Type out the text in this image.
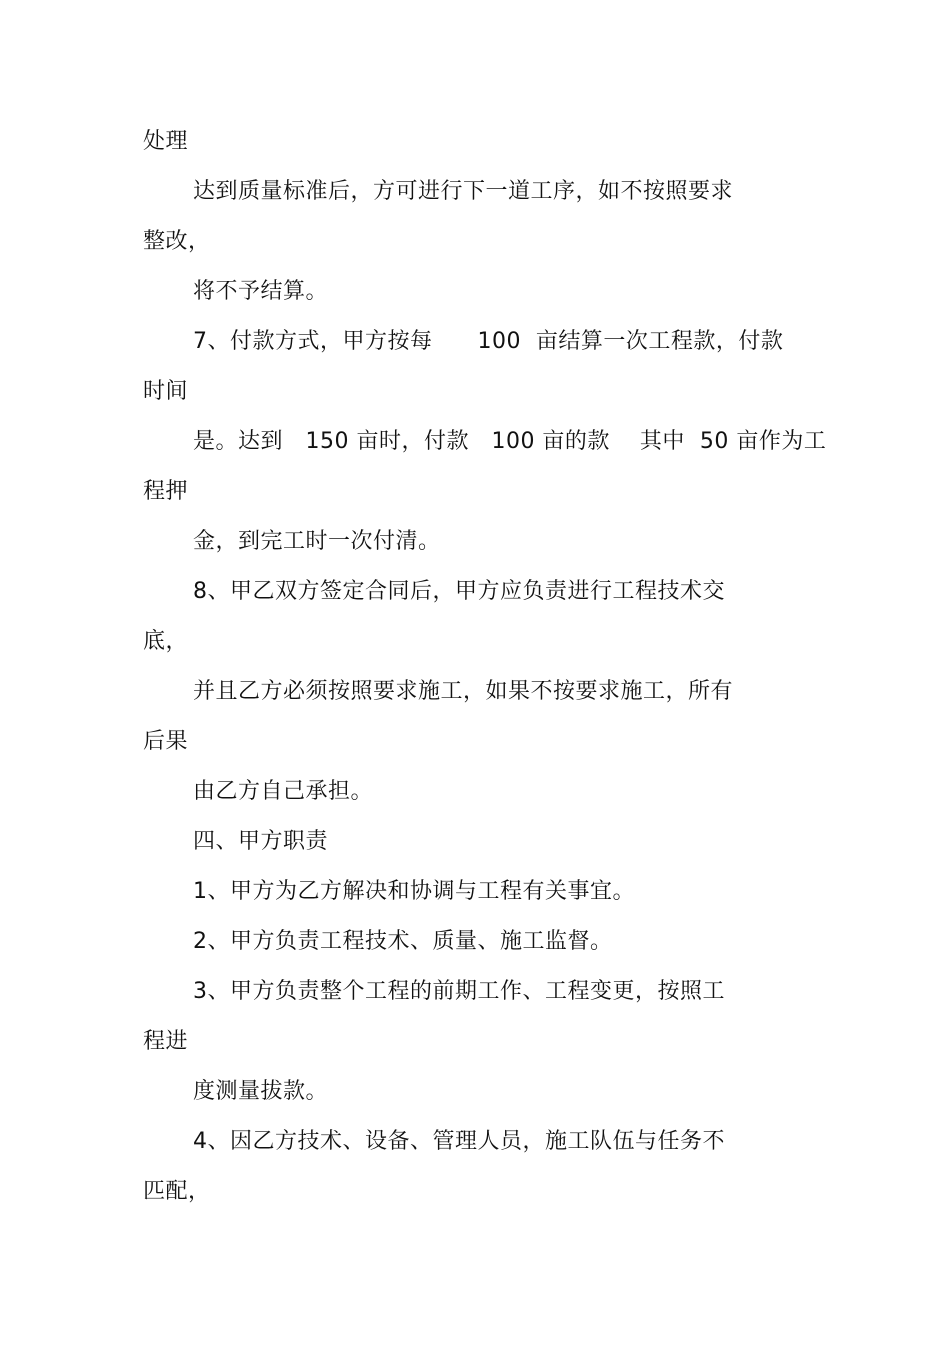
处理
达到质量标准后，方可进行下一道工序，如不按照要求
整改，
将不予结算。
7、付款方式，甲方按每      100  亩结算一次工程款，付款
时间
是。达到   150 亩时，付款   100 亩的款    其中  50 亩作为工
程押
金，到完工时一次付清。
8、甲乙双方签定合同后，甲方应负责进行工程技术交
底，
并且乙方必须按照要求施工，如果不按要求施工，所有
后果
由乙方自己承担。
四、甲方职责
1、甲方为乙方解决和协调与工程有关事宜。
2、甲方负责工程技术、质量、施工监督。
3、甲方负责整个工程的前期工作、工程变更，按照工
程进
度测量拔款。
4、因乙方技术、设备、管理人员，施工队伍与任务不
匹配，
